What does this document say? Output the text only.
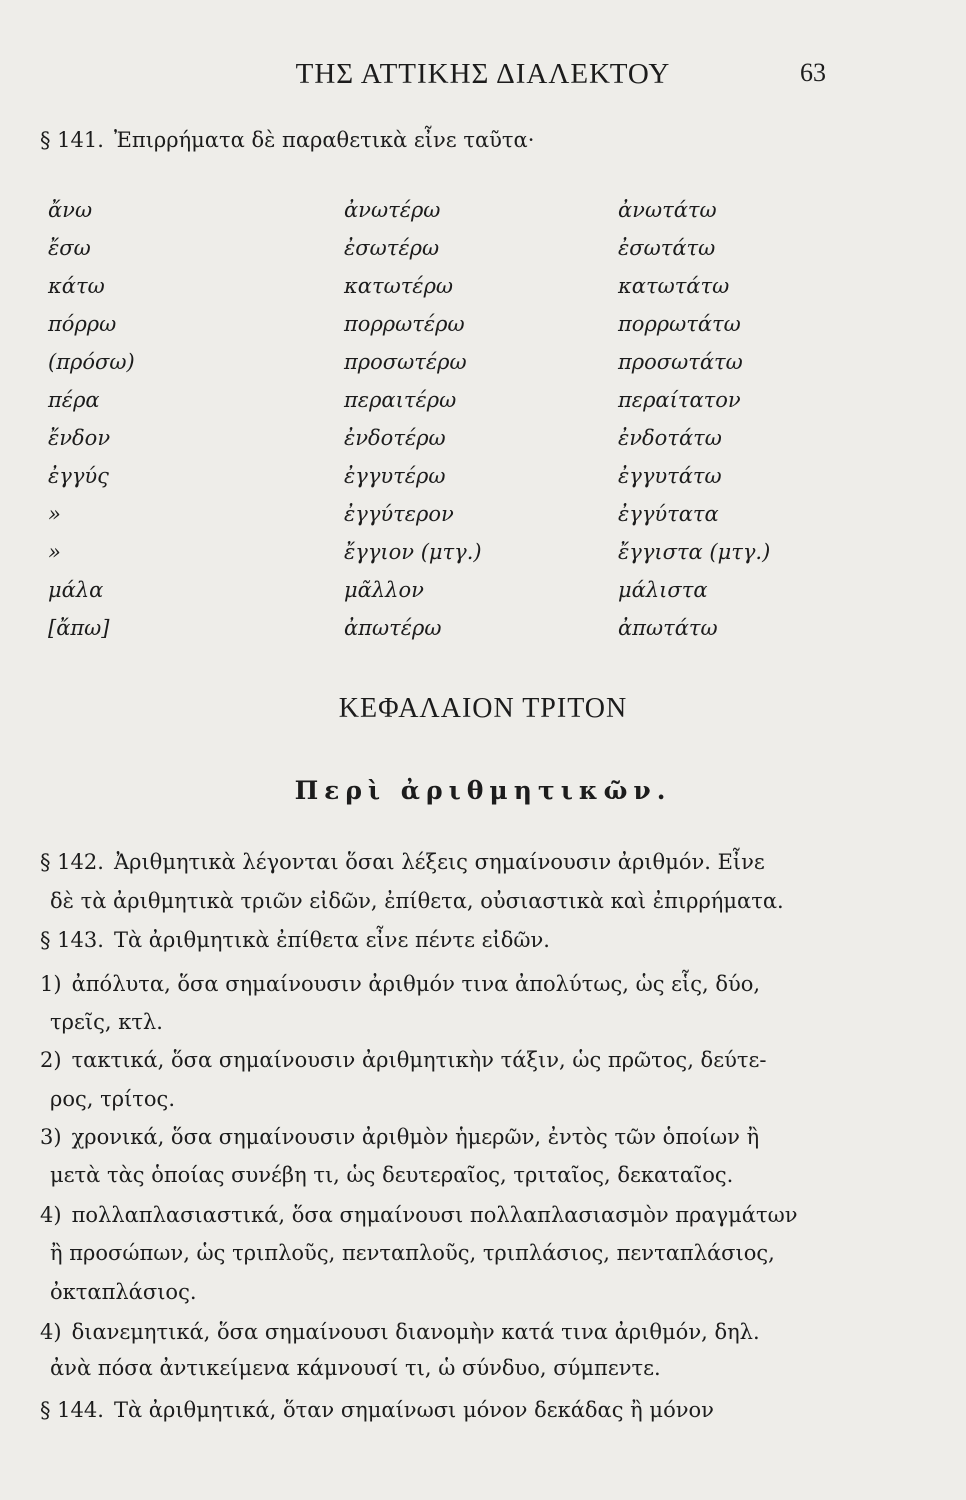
ΤΗΣ ΑΤΤΙΚΗΣ ΔΙΑΛΕΚΤΟΥ	63
§ 141. Ἐπιρρήματα δὲ παραθετικὰ εἶνε ταῦτα·
ἄνω	ἀνωτέρω	ἀνωτάτω
ἔσω	ἐσωτέρω	ἐσωτάτω
κάτω	κατωτέρω	κατωτάτω
πόρρω	πορρωτέρω	πορρωτάτω
(πρόσω)	προσωτέρω	προσωτάτω
πέρα	περαιτέρω	περαίτατον
ἔνδον	ἐνδοτέρω	ἐνδοτάτω
ἐγγύς	ἐγγυτέρω	ἐγγυτάτω
»	ἐγγύτερον	ἐγγύτατα
»	ἔγγιον (μτγ.)	ἔγγιστα (μτγ.)
μάλα	μᾶλλον	μάλιστα
[ἄπω]	ἀπωτέρω	ἀπωτάτω
ΚΕΦΑΛΑΙΟΝ ΤΡΙΤΟΝ
Περὶ ἀριθμητικῶν.
§ 142. Ἀριθμητικὰ λέγονται ὅσαι λέξεις σημαίνουσιν ἀριθμόν. Εἶνε
δὲ τὰ ἀριθμητικὰ τριῶν εἰδῶν, ἐπίθετα, οὐσιαστικὰ καὶ ἐπιρρήματα.
§ 143. Τὰ ἀριθμητικὰ ἐπίθετα εἶνε πέντε εἰδῶν.
1) ἀπόλυτα, ὅσα σημαίνουσιν ἀριθμόν τινα ἀπολύτως, ὡς εἷς, δύο,
τρεῖς, κτλ.
2) τακτικά, ὅσα σημαίνουσιν ἀριθμητικὴν τάξιν, ὡς πρῶτος, δεύτε-
ρος, τρίτος.
3) χρονικά, ὅσα σημαίνουσιν ἀριθμὸν ἡμερῶν, ἐντὸς τῶν ὁποίων ἢ
μετὰ τὰς ὁποίας συνέβη τι, ὡς δευτεραῖος, τριταῖος, δεκαταῖος.
4) πολλαπλασιαστικά, ὅσα σημαίνουσι πολλαπλασιασμὸν πραγμάτων
ἢ προσώπων, ὡς τριπλοῦς, πενταπλοῦς, τριπλάσιος, πενταπλάσιος,
ὀκταπλάσιος.
4) διανεμητικά, ὅσα σημαίνουσι διανομὴν κατά τινα ἀριθμόν, δηλ.
ἀνὰ πόσα ἀντικείμενα κάμνουσί τι, ὡ σύνδυο, σύμπεντε.
§ 144. Τὰ ἀριθμητικά, ὅταν σημαίνωσι μόνον δεκάδας ἢ μόνον
